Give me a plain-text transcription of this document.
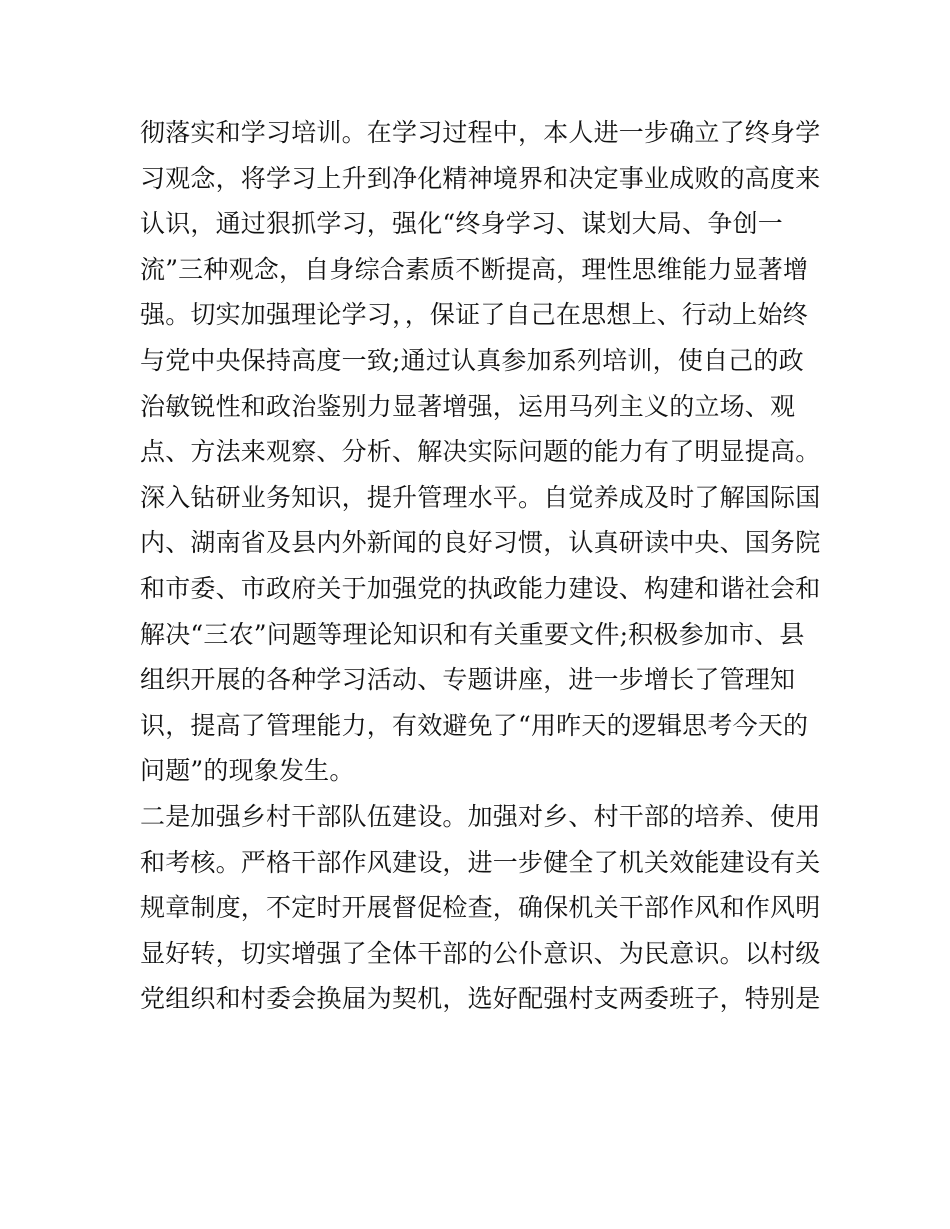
彻落实和学习培训。在学习过程中，本人进一步确立了终身学
习观念，将学习上升到净化精神境界和决定事业成败的高度来
认识，通过狠抓学习，强化“终身学习、谋划大局、争创一
流”三种观念，自身综合素质不断提高，理性思维能力显著增
强。切实加强理论学习，，保证了自己在思想上、行动上始终
与党中央保持高度一致;通过认真参加系列培训，使自己的政
治敏锐性和政治鉴别力显著增强，运用马列主义的立场、观
点、方法来观察、分析、解决实际问题的能力有了明显提高。
深入钻研业务知识，提升管理水平。自觉养成及时了解国际国
内、湖南省及县内外新闻的良好习惯，认真研读中央、国务院
和市委、市政府关于加强党的执政能力建设、构建和谐社会和
解决“三农”问题等理论知识和有关重要文件;积极参加市、县
组织开展的各种学习活动、专题讲座，进一步增长了管理知
识，提高了管理能力，有效避免了“用昨天的逻辑思考今天的
问题”的现象发生。
二是加强乡村干部队伍建设。加强对乡、村干部的培养、使用
和考核。严格干部作风建设，进一步健全了机关效能建设有关
规章制度，不定时开展督促检查，确保机关干部作风和作风明
显好转，切实增强了全体干部的公仆意识、为民意识。以村级
党组织和村委会换届为契机，选好配强村支两委班子，特别是
